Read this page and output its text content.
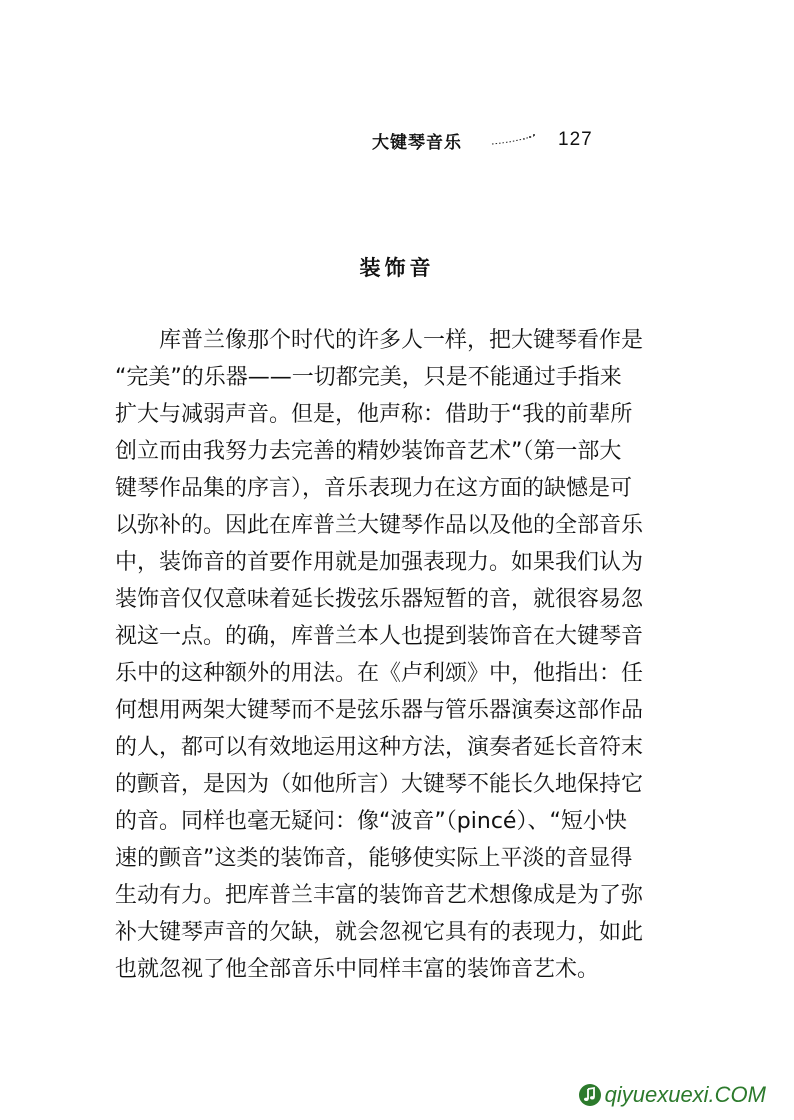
大键琴音乐	127
装饰音
　　库普兰像那个时代的许多人一样，把大键琴看作是
“完美”的乐器——一切都完美，只是不能通过手指来
扩大与减弱声音。但是，他声称：借助于“我的前辈所
创立而由我努力去完善的精妙装饰音艺术”（第一部大
键琴作品集的序言），音乐表现力在这方面的缺憾是可
以弥补的。因此在库普兰大键琴作品以及他的全部音乐
中，装饰音的首要作用就是加强表现力。如果我们认为
装饰音仅仅意味着延长拨弦乐器短暂的音，就很容易忽
视这一点。的确，库普兰本人也提到装饰音在大键琴音
乐中的这种额外的用法。在《卢利颂》中，他指出：任
何想用两架大键琴而不是弦乐器与管乐器演奏这部作品
的人，都可以有效地运用这种方法，演奏者延长音符末
的颤音，是因为（如他所言）大键琴不能长久地保持它
的音。同样也毫无疑问：像“波音”（pincé）、“短小快
速的颤音”这类的装饰音，能够使实际上平淡的音显得
生动有力。把库普兰丰富的装饰音艺术想像成是为了弥
补大键琴声音的欠缺，就会忽视它具有的表现力，如此
也就忽视了他全部音乐中同样丰富的装饰音艺术。
qiyuexuexi.COM
